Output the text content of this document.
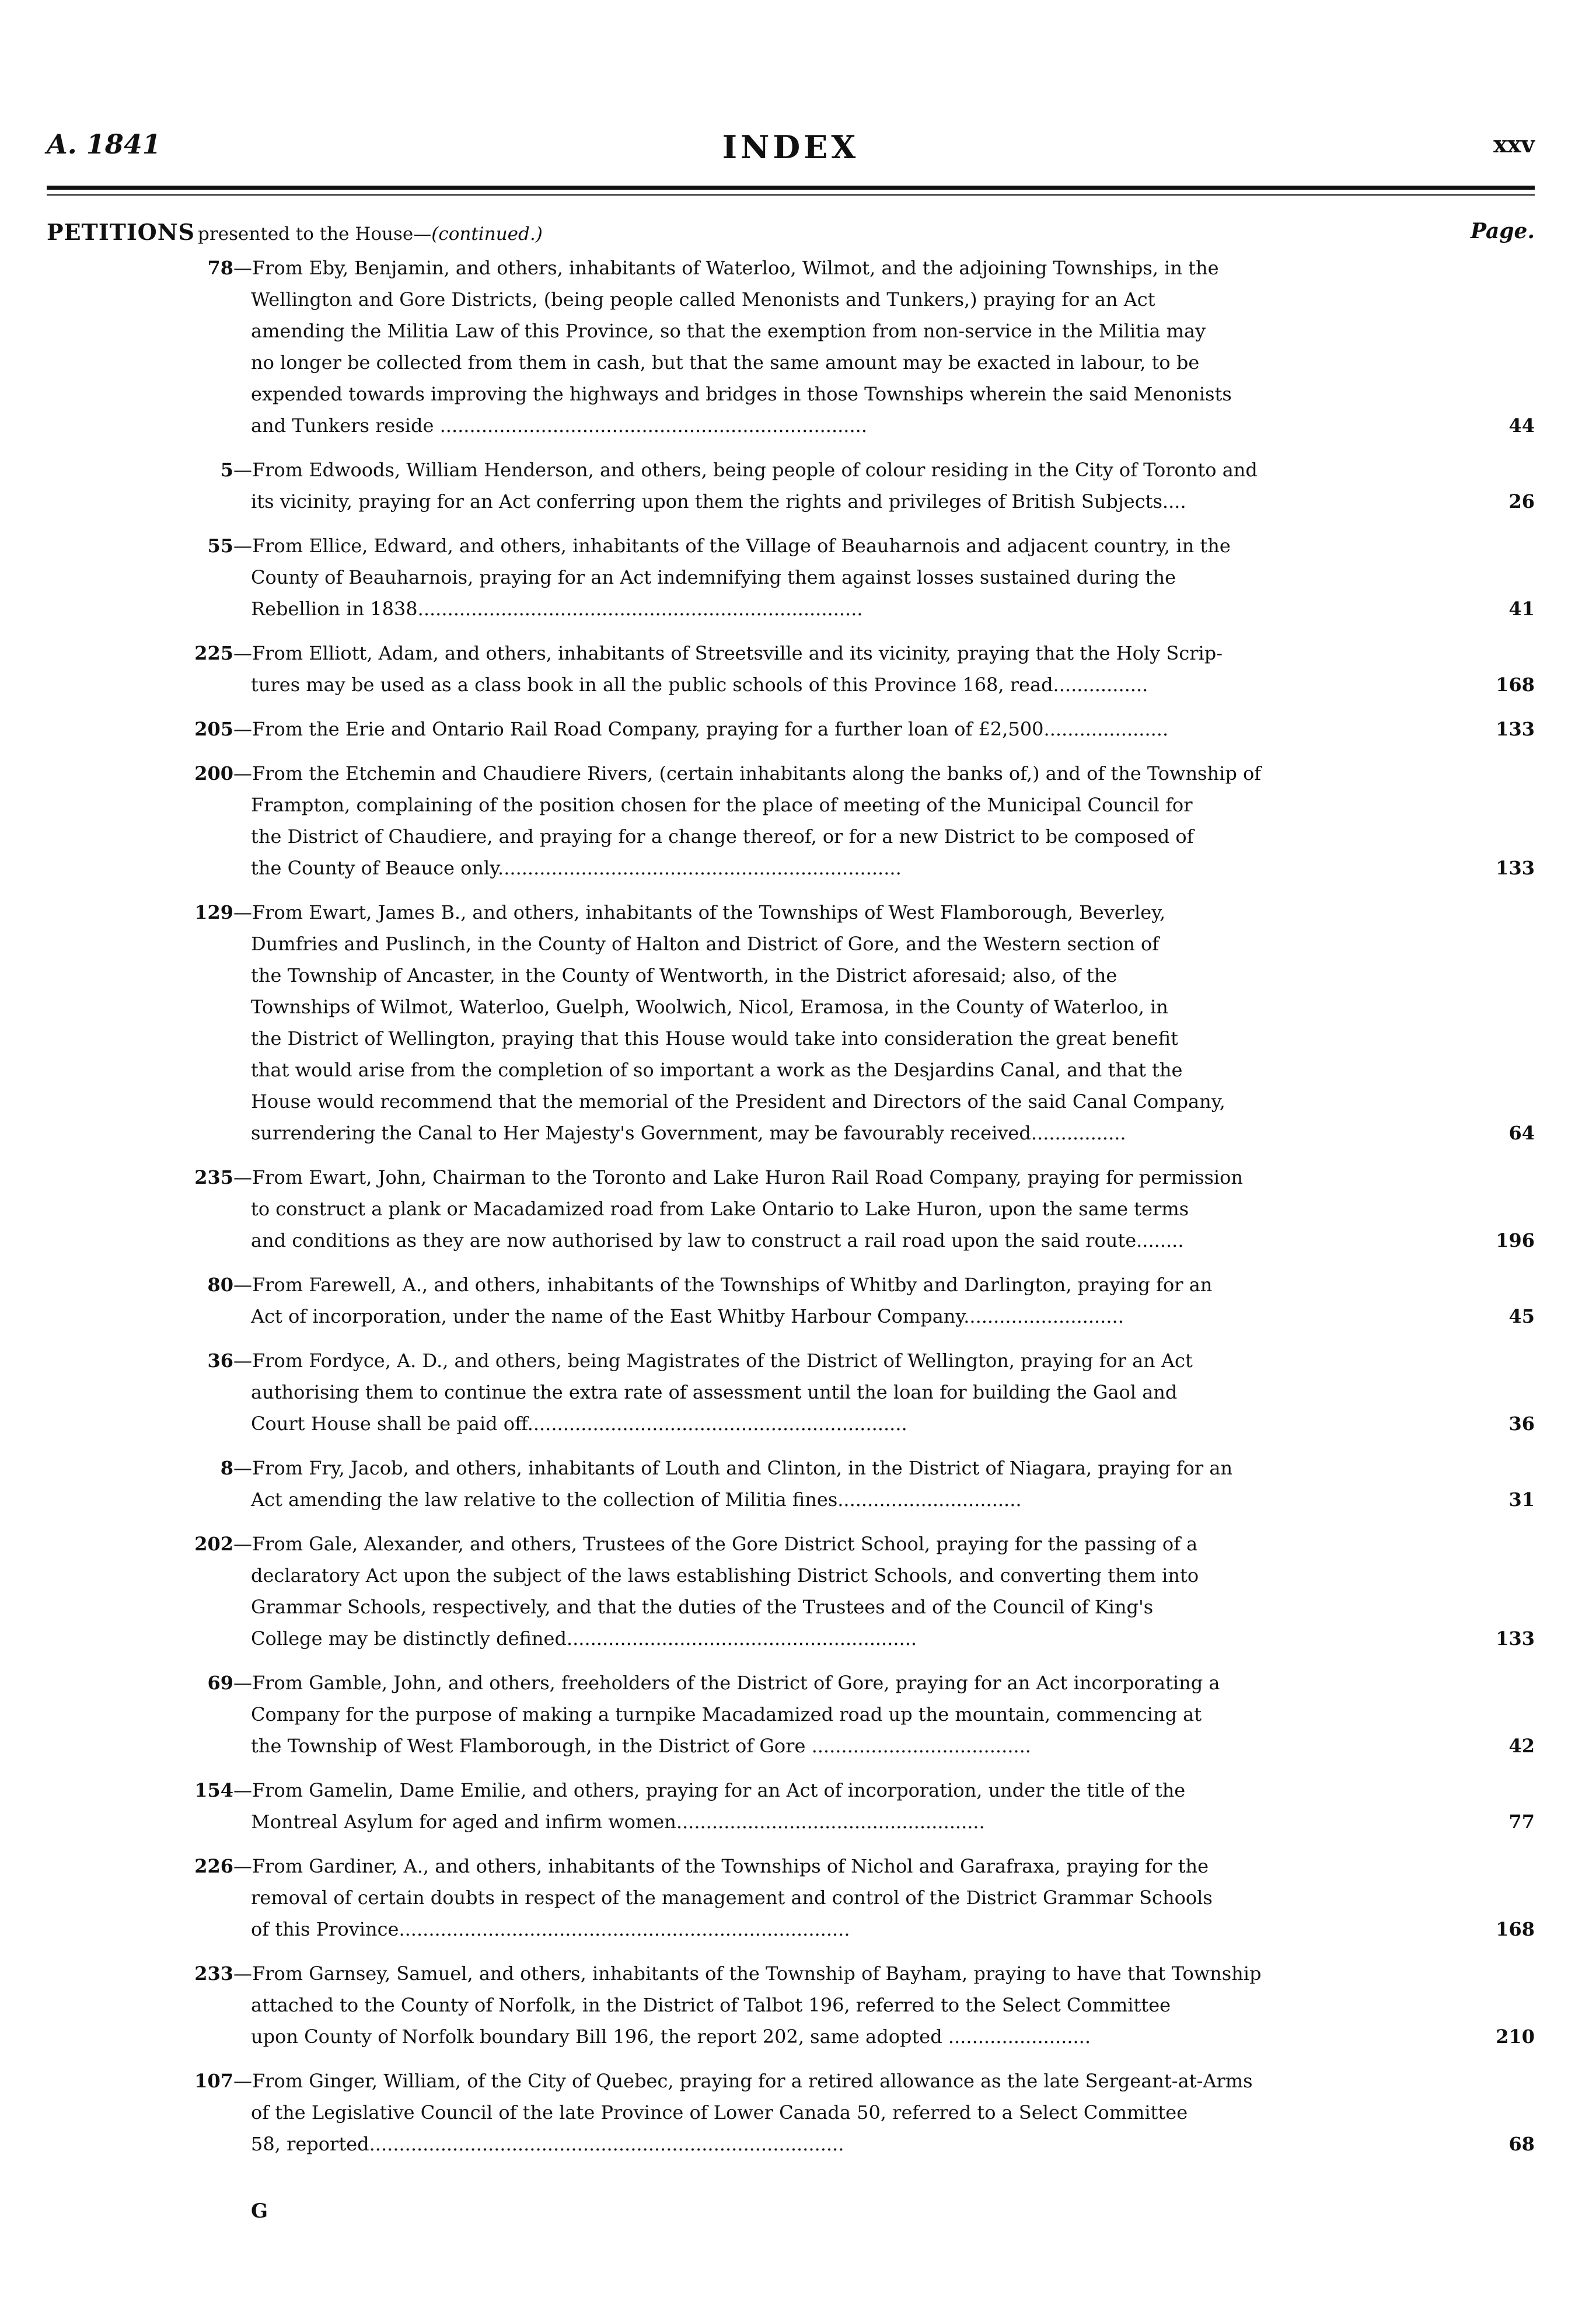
A. 1841	INDEX	xxv
PETITIONS presented to the House—(continued.)	Page.
78—From Eby, Benjamin, and others, inhabitants of Waterloo, Wilmot, and the adjoining Townships, in the
Wellington and Gore Districts, (being people called Menonists and Tunkers,) praying for an Act
amending the Militia Law of this Province, so that the exemption from non-service in the Militia may
no longer be collected from them in cash, but that the same amount may be exacted in labour, to be
expended towards improving the highways and bridges in those Townships wherein the said Menonists
and Tunkers reside ........................................................................	44
5—From Edwoods, William Henderson, and others, being people of colour residing in the City of Toronto and
its vicinity, praying for an Act conferring upon them the rights and privileges of British Subjects....	26
55—From Ellice, Edward, and others, inhabitants of the Village of Beauharnois and adjacent country, in the
County of Beauharnois, praying for an Act indemnifying them against losses sustained during the
Rebellion in 1838...........................................................................	41
225—From Elliott, Adam, and others, inhabitants of Streetsville and its vicinity, praying that the Holy Scrip-
tures may be used as a class book in all the public schools of this Province 168, read................	168
205—From the Erie and Ontario Rail Road Company, praying for a further loan of £2,500.....................	133
200—From the Etchemin and Chaudiere Rivers, (certain inhabitants along the banks of,) and of the Township of
Frampton, complaining of the position chosen for the place of meeting of the Municipal Council for
the District of Chaudiere, and praying for a change thereof, or for a new District to be composed of
the County of Beauce only....................................................................	133
129—From Ewart, James B., and others, inhabitants of the Townships of West Flamborough, Beverley,
Dumfries and Puslinch, in the County of Halton and District of Gore, and the Western section of
the Township of Ancaster, in the County of Wentworth, in the District aforesaid; also, of the
Townships of Wilmot, Waterloo, Guelph, Woolwich, Nicol, Eramosa, in the County of Waterloo, in
the District of Wellington, praying that this House would take into consideration the great benefit
that would arise from the completion of so important a work as the Desjardins Canal, and that the
House would recommend that the memorial of the President and Directors of the said Canal Company,
surrendering the Canal to Her Majesty's Government, may be favourably received................	64
235—From Ewart, John, Chairman to the Toronto and Lake Huron Rail Road Company, praying for permission
to construct a plank or Macadamized road from Lake Ontario to Lake Huron, upon the same terms
and conditions as they are now authorised by law to construct a rail road upon the said route........	196
80—From Farewell, A., and others, inhabitants of the Townships of Whitby and Darlington, praying for an
Act of incorporation, under the name of the East Whitby Harbour Company...........................	45
36—From Fordyce, A. D., and others, being Magistrates of the District of Wellington, praying for an Act
authorising them to continue the extra rate of assessment until the loan for building the Gaol and
Court House shall be paid off................................................................	36
8—From Fry, Jacob, and others, inhabitants of Louth and Clinton, in the District of Niagara, praying for an
Act amending the law relative to the collection of Militia fines...............................	31
202—From Gale, Alexander, and others, Trustees of the Gore District School, praying for the passing of a
declaratory Act upon the subject of the laws establishing District Schools, and converting them into
Grammar Schools, respectively, and that the duties of the Trustees and of the Council of King's
College may be distinctly defined...........................................................	133
69—From Gamble, John, and others, freeholders of the District of Gore, praying for an Act incorporating a
Company for the purpose of making a turnpike Macadamized road up the mountain, commencing at
the Township of West Flamborough, in the District of Gore .....................................	42
154—From Gamelin, Dame Emilie, and others, praying for an Act of incorporation, under the title of the
Montreal Asylum for aged and infirm women....................................................	77
226—From Gardiner, A., and others, inhabitants of the Townships of Nichol and Garafraxa, praying for the
removal of certain doubts in respect of the management and control of the District Grammar Schools
of this Province............................................................................	168
233—From Garnsey, Samuel, and others, inhabitants of the Township of Bayham, praying to have that Township
attached to the County of Norfolk, in the District of Talbot 196, referred to the Select Committee
upon County of Norfolk boundary Bill 196, the report 202, same adopted ........................	210
107—From Ginger, William, of the City of Quebec, praying for a retired allowance as the late Sergeant-at-Arms
of the Legislative Council of the late Province of Lower Canada 50, referred to a Select Committee
58, reported................................................................................	68
G
